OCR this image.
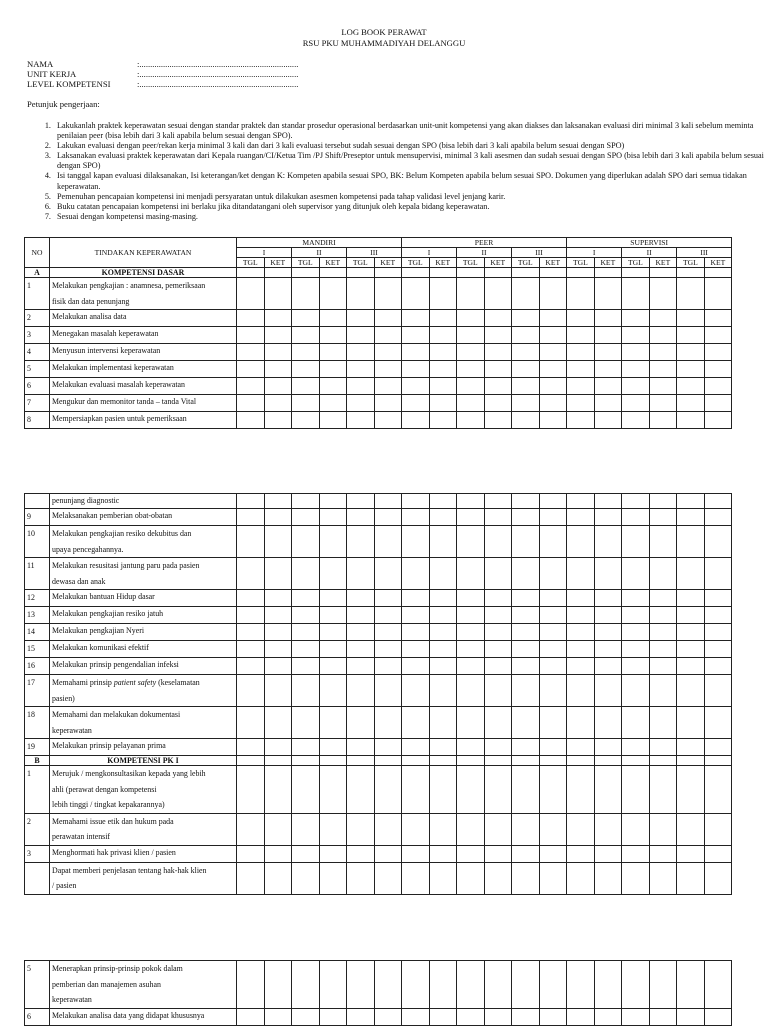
LOG BOOK PERAWAT
RSU PKU MUHAMMADIYAH DELANGGU
NAMA	:..........................................................................
UNIT KERJA	:..........................................................................
LEVEL KOMPETENSI	:..........................................................................
Petunjuk pengerjaan:
1. Lakukanlah praktek keperawatan sesuai dengan standar praktek dan standar prosedur operasional berdasarkan unit-unit kompetensi yang akan diakses dan laksanakan evaluasi diri minimal 3 kali sebelum meminta penilaian peer (bisa lebih dari 3 kali apabila belum sesuai dengan SPO).
2. Lakukan evaluasi dengan peer/rekan kerja minimal 3 kali dan dari 3 kali evaluasi tersebut sudah sesuai dengan SPO (bisa lebih dari 3 kali apabila belum sesuai dengan SPO)
3. Laksanakan evaluasi praktek keperawatan dari Kepala ruangan/CI/Ketua Tim /PJ Shift/Preseptor untuk mensupervisi, minimal 3 kali asesmen dan sudah sesuai dengan SPO (bisa lebih dari 3 kali apabila belum sesuai dengan SPO)
4. Isi tanggal kapan evaluasi dilaksanakan, Isi keterangan/ket dengan K: Kompeten apabila sesuai SPO, BK: Belum Kompeten apabila belum sesuai SPO. Dokumen yang diperlukan adalah SPO dari semua tidakan keperawatan.
5. Pemenuhan pencapaian kompetensi ini menjadi persyaratan untuk dilakukan asesmen kompetensi pada tahap validasi level jenjang karir.
6. Buku catatan pencapaian kompetensi ini berlaku jika ditandatangani oleh supervisor yang ditunjuk oleh kepala bidang keperawatan.
7. Sesuai dengan kompetensi masing-masing.
NO	TINDAKAN KEPERAWATAN	MANDIRI						PEER						SUPERVISI					
		I		II		III		I		II		III		I		II		III	
		TGL	KET	TGL	KET	TGL	KET	TGL	KET	TGL	KET	TGL	KET	TGL	KET	TGL	KET	TGL	KET
A	KOMPETENSI DASAR																		
1	Melakukan pengkajian : anamnesa, pemeriksaan
fisik dan data penunjang																		

2	Melakukan analisa data																		

3	Menegakan masalah keperawatan																		

4	Menyusun intervensi keperawatan																		

5	Melakukan implementasi keperawatan																		

6	Melakukan evaluasi masalah keperawatan																		

7	Mengukur dan memonitor tanda – tanda Vital																		

8	Mempersiapkan pasien untuk pemeriksaan																		

	penunjang diagnostic																		

9	Melaksanakan pemberian obat-obatan																		

10	Melakukan pengkajian resiko dekubitus dan
upaya pencegahannya.																		

11	Melakukan resusitasi jantung paru pada pasien
dewasa dan anak																		

12	Melakukan bantuan Hidup dasar																		

13	Melakukan pengkajian resiko jatuh																		

14	Melakukan pengkajian Nyeri																		

15	Melakukan komunikasi efektif																		

16	Melakukan prinsip pengendalian infeksi																		

17	Memahami prinsip patient safety (keselamatan
pasien)																		

18	Memahami dan melakukan dokumentasi
keperawatan																		

19	Melakukan prinsip pelayanan prima																		

B	KOMPETENSI PK I																		
1	Merujuk / mengkonsultasikan kepada yang lebih
ahli (perawat dengan kompetensi
lebih tinggi / tingkat kepakarannya)																		

2	Memahami issue etik dan hukum pada
perawatan intensif																		

3	Menghormati hak privasi klien / pasien																		

	Dapat memberi penjelasan tentang hak-hak klien
/ pasien																		

5	Menerapkan prinsip-prinsip pokok dalam
pemberian dan manajemen asuhan
keperawatan																		

6	Melakukan analisa data yang didapat khususnya																		
